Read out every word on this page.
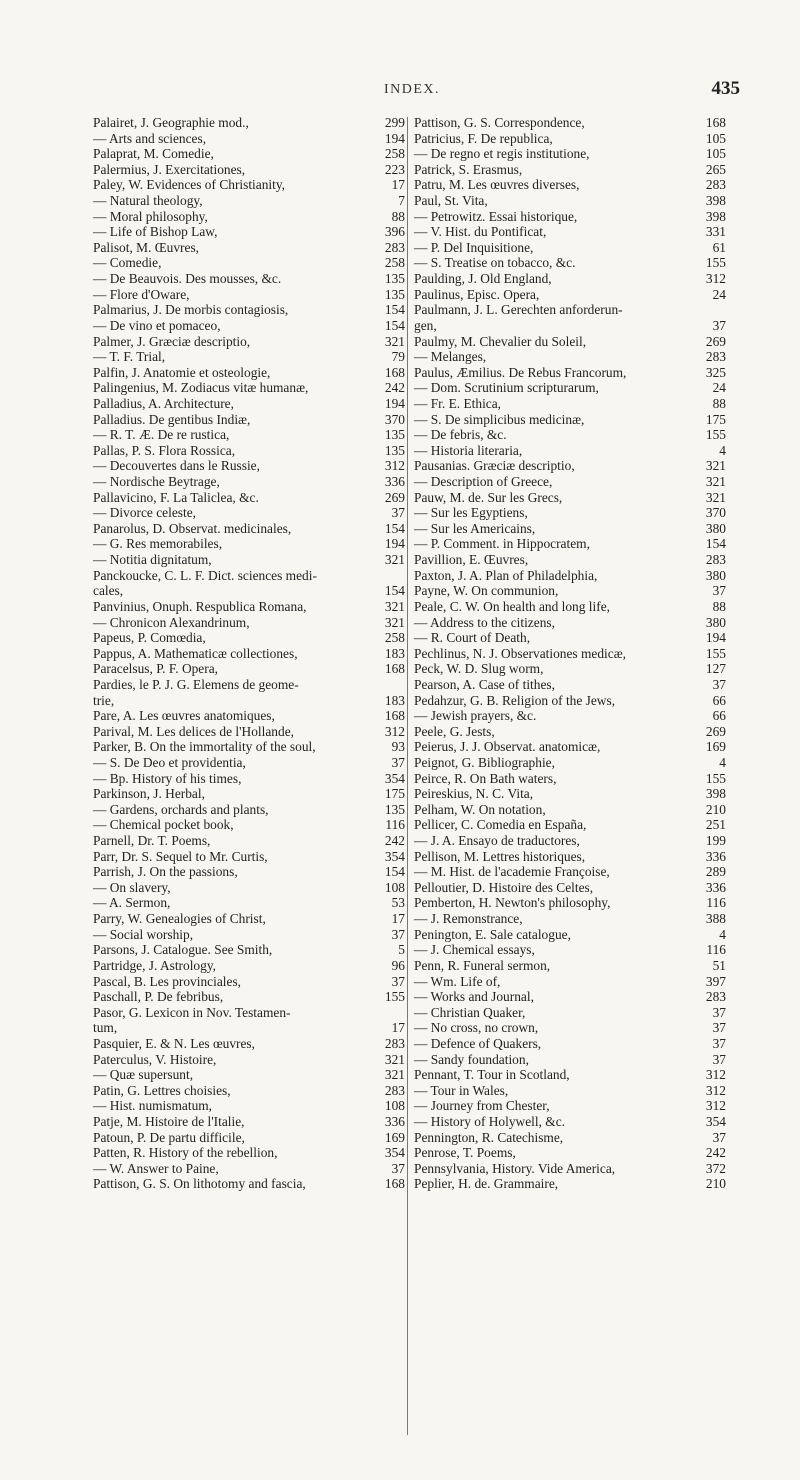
INDEX.	435
Palairet, J. Geographie mod.,	299
— Arts and sciences,	194
Palaprat, M. Comedie,	258
Palermius, J. Exercitationes,	223
Paley, W. Evidences of Christianity,	17
— Natural theology,	7
— Moral philosophy,	88
— Life of Bishop Law,	396
Palisot, M. Œuvres,	283
— Comedie,	258
— De Beauvois. Des mousses, &c.	135
— Flore d'Oware,	135
Palmarius, J. De morbis contagiosis,	154
— De vino et pomaceo,	154
Palmer, J. Græciæ descriptio,	321
— T. F. Trial,	79
Palfin, J. Anatomie et osteologie,	168
Palingenius, M. Zodiacus vitæ humanæ,	242
Palladius, A. Architecture,	194
Palladius. De gentibus Indiæ,	370
— R. T. Æ. De re rustica,	135
Pallas, P. S. Flora Rossica,	135
— Decouvertes dans le Russie,	312
— Nordische Beytrage,	336
Pallavicino, F. La Taliclea, &c.	269
— Divorce celeste,	37
Panarolus, D. Observat. medicinales,	154
— G. Res memorabiles,	194
— Notitia dignitatum,	321
Panckoucke, C. L. F. Dict. sciences medi-
cales,	154
Panvinius, Onuph. Respublica Romana,	321
— Chronicon Alexandrinum,	321
Papeus, P. Comœdia,	258
Pappus, A. Mathematicæ collectiones,	183
Paracelsus, P. F. Opera,	168
Pardies, le P. J. G. Elemens de geome-
trie,	183
Pare, A. Les œuvres anatomiques,	168
Parival, M. Les delices de l'Hollande,	312
Parker, B. On the immortality of the soul,	93
— S. De Deo et providentia,	37
— Bp. History of his times,	354
Parkinson, J. Herbal,	175
— Gardens, orchards and plants,	135
— Chemical pocket book,	116
Parnell, Dr. T. Poems,	242
Parr, Dr. S. Sequel to Mr. Curtis,	354
Parrish, J. On the passions,	154
— On slavery,	108
— A. Sermon,	53
Parry, W. Genealogies of Christ,	17
— Social worship,	37
Parsons, J. Catalogue. See Smith,	5
Partridge, J. Astrology,	96
Pascal, B. Les provinciales,	37
Paschall, P. De febribus,	155
Pasor, G. Lexicon in Nov. Testamen-
tum,	17
Pasquier, E. & N. Les œuvres,	283
Paterculus, V. Histoire,	321
— Quæ supersunt,	321
Patin, G. Lettres choisies,	283
— Hist. numismatum,	108
Patje, M. Histoire de l'Italie,	336
Patoun, P. De partu difficile,	169
Patten, R. History of the rebellion,	354
— W. Answer to Paine,	37
Pattison, G. S. On lithotomy and fascia,	168
Pattison, G. S. Correspondence,	168
Patricius, F. De republica,	105
— De regno et regis institutione,	105
Patrick, S. Erasmus,	265
Patru, M. Les œuvres diverses,	283
Paul, St. Vita,	398
— Petrowitz. Essai historique,	398
— V. Hist. du Pontificat,	331
— P. Del Inquisitione,	61
— S. Treatise on tobacco, &c.	155
Paulding, J. Old England,	312
Paulinus, Episc. Opera,	24
Paulmann, J. L. Gerechten anforderun-
gen,	37
Paulmy, M. Chevalier du Soleil,	269
— Melanges,	283
Paulus, Æmilius. De Rebus Francorum,	325
— Dom. Scrutinium scripturarum,	24
— Fr. E. Ethica,	88
— S. De simplicibus medicinæ,	175
— De febris, &c.	155
— Historia literaria,	4
Pausanias. Græciæ descriptio,	321
— Description of Greece,	321
Pauw, M. de. Sur les Grecs,	321
— Sur les Egyptiens,	370
— Sur les Americains,	380
— P. Comment. in Hippocratem,	154
Pavillion, E. Œuvres,	283
Paxton, J. A. Plan of Philadelphia,	380
Payne, W. On communion,	37
Peale, C. W. On health and long life,	88
— Address to the citizens,	380
— R. Court of Death,	194
Pechlinus, N. J. Observationes medicæ,	155
Peck, W. D. Slug worm,	127
Pearson, A. Case of tithes,	37
Pedahzur, G. B. Religion of the Jews,	66
— Jewish prayers, &c.	66
Peele, G. Jests,	269
Peierus, J. J. Observat. anatomicæ,	169
Peignot, G. Bibliographie,	4
Peirce, R. On Bath waters,	155
Peireskius, N. C. Vita,	398
Pelham, W. On notation,	210
Pellicer, C. Comedia en España,	251
— J. A. Ensayo de traductores,	199
Pellison, M. Lettres historiques,	336
— M. Hist. de l'academie Françoise,	289
Pelloutier, D. Histoire des Celtes,	336
Pemberton, H. Newton's philosophy,	116
— J. Remonstrance,	388
Penington, E. Sale catalogue,	4
— J. Chemical essays,	116
Penn, R. Funeral sermon,	51
— Wm. Life of,	397
— Works and Journal,	283
— Christian Quaker,	37
— No cross, no crown,	37
— Defence of Quakers,	37
— Sandy foundation,	37
Pennant, T. Tour in Scotland,	312
— Tour in Wales,	312
— Journey from Chester,	312
— History of Holywell, &c.	354
Pennington, R. Catechisme,	37
Penrose, T. Poems,	242
Pennsylvania, History. Vide America,	372
Peplier, H. de. Grammaire,	210
